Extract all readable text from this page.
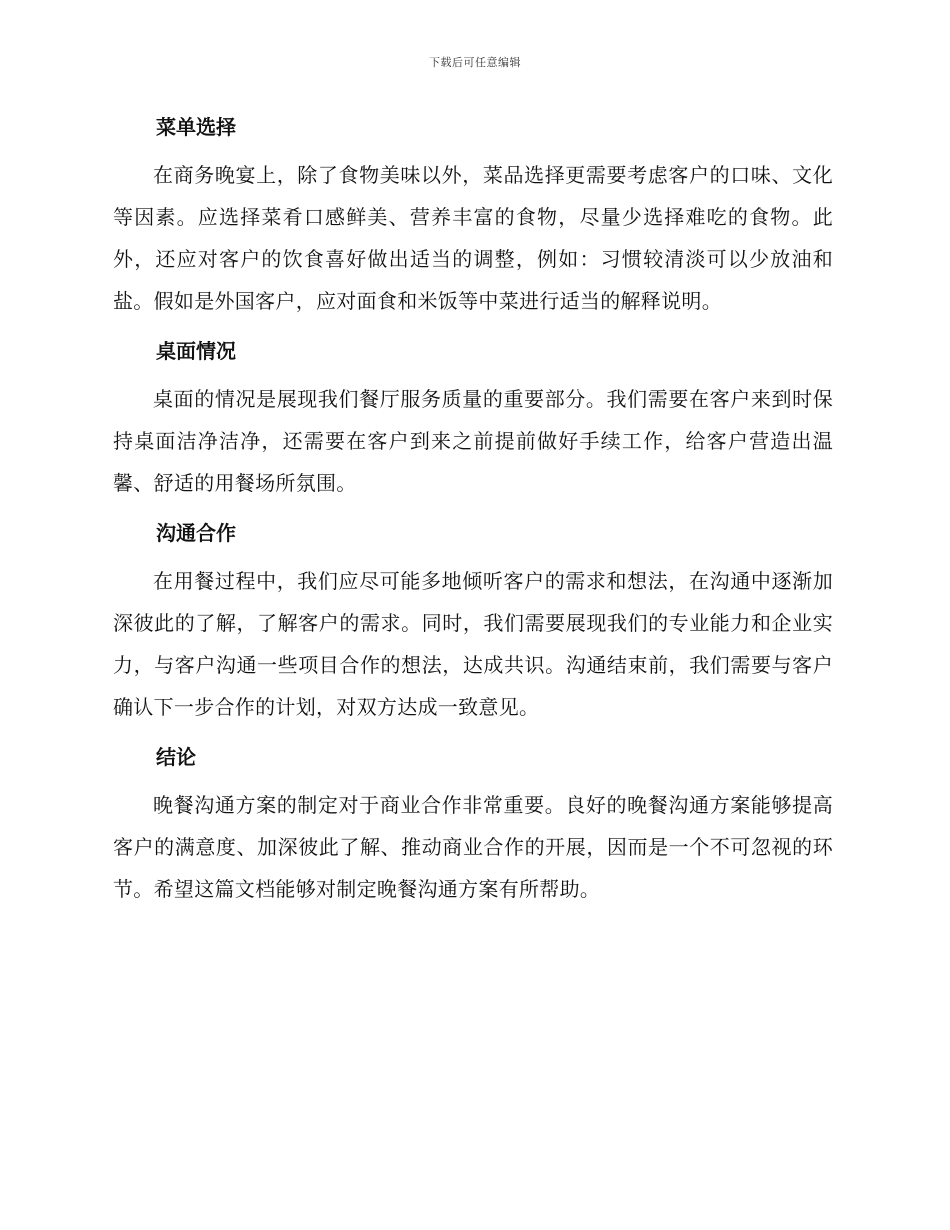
下载后可任意编辑
菜单选择

在商务晚宴上，除了食物美味以外，菜品选择更需要考虑客户的口味、文化等因素。应选择菜肴口感鲜美、营养丰富的食物，尽量少选择难吃的食物。此外，还应对客户的饮食喜好做出适当的调整，例如：习惯较清淡可以少放油和盐。假如是外国客户，应对面食和米饭等中菜进行适当的解释说明。

桌面情况

桌面的情况是展现我们餐厅服务质量的重要部分。我们需要在客户来到时保持桌面洁净洁净，还需要在客户到来之前提前做好手续工作，给客户营造出温馨、舒适的用餐场所氛围。

沟通合作

在用餐过程中，我们应尽可能多地倾听客户的需求和想法，在沟通中逐渐加深彼此的了解，了解客户的需求。同时，我们需要展现我们的专业能力和企业实力，与客户沟通一些项目合作的想法，达成共识。沟通结束前，我们需要与客户确认下一步合作的计划，对双方达成一致意见。

结论

晚餐沟通方案的制定对于商业合作非常重要。良好的晚餐沟通方案能够提高客户的满意度、加深彼此了解、推动商业合作的开展，因而是一个不可忽视的环节。希望这篇文档能够对制定晚餐沟通方案有所帮助。
